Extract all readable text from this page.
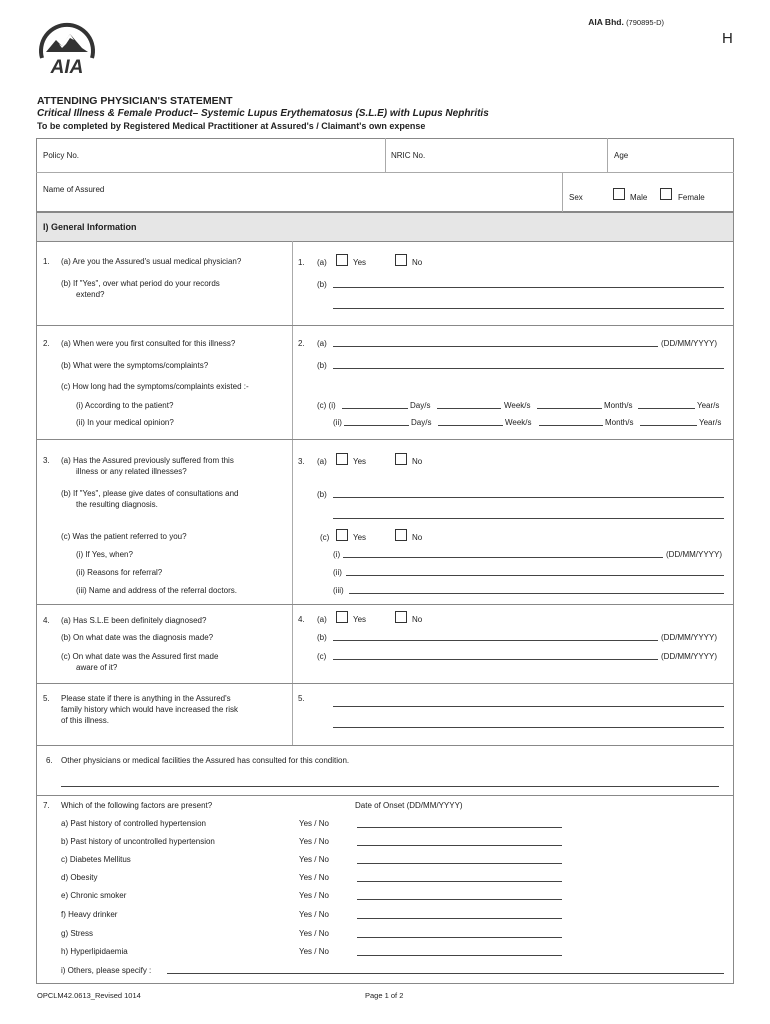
AIA
AIA Bhd. (790895-D)
H
ATTENDING PHYSICIAN'S STATEMENT
Critical Illness & Female Product– Systemic Lupus Erythematosus (S.L.E) with Lupus Nephritis
To be completed by Registered Medical Practitioner at Assured's / Claimant's own expense
Policy No.	NRIC No.	Age
Name of Assured
Sex	Male	Female
I) General Information
1. (a) Are you the Assured's usual medical physician?
(b) If "Yes", over what period do your records
extend?
1. (a)	Yes	No
(b)
2. (a) When were you first consulted for this illness?
(b) What were the symptoms/complaints?
(c) How long had the symptoms/complaints existed :-
(i) According to the patient?
(ii) In your medical opinion?
2. (a)	(DD/MM/YYYY)
(b)
(c) (i)	Day/s	Week/s	Month/s	Year/s
(ii)	Day/s	Week/s	Month/s	Year/s
3. (a) Has the Assured previously suffered from this
illness or any related illnesses?
(b) If "Yes", please give dates of consultations and
the resulting diagnosis.
(c) Was the patient referred to you?
(i) If Yes, when?
(ii) Reasons for referral?
(iii) Name and address of the referral doctors.
3. (a)	Yes	No
(b)
(c)	Yes	No
(i)	(DD/MM/YYYY)
(ii)
(iii)
4. (a) Has S.L.E been definitely diagnosed?
(b) On what date was the diagnosis made?
(c) On what date was the Assured first made
aware of it?
4. (a)	Yes	No
(b)	(DD/MM/YYYY)
(c)	(DD/MM/YYYY)
5. Please state if there is anything in the Assured's
family history which would have increased the risk
of this illness.
5.
6. Other physicians or medical facilities the Assured has consulted for this condition.
7. Which of the following factors are present?	Date of Onset (DD/MM/YYYY)
a) Past history of controlled hypertension	Yes / No
b) Past history of uncontrolled hypertension	Yes / No
c) Diabetes Mellitus	Yes / No
d) Obesity	Yes / No
e) Chronic smoker	Yes / No
f) Heavy drinker	Yes / No
g) Stress	Yes / No
h) Hyperlipidaemia	Yes / No
i) Others, please specify :
OPCLM42.0613_Revised 1014	Page 1 of 2
